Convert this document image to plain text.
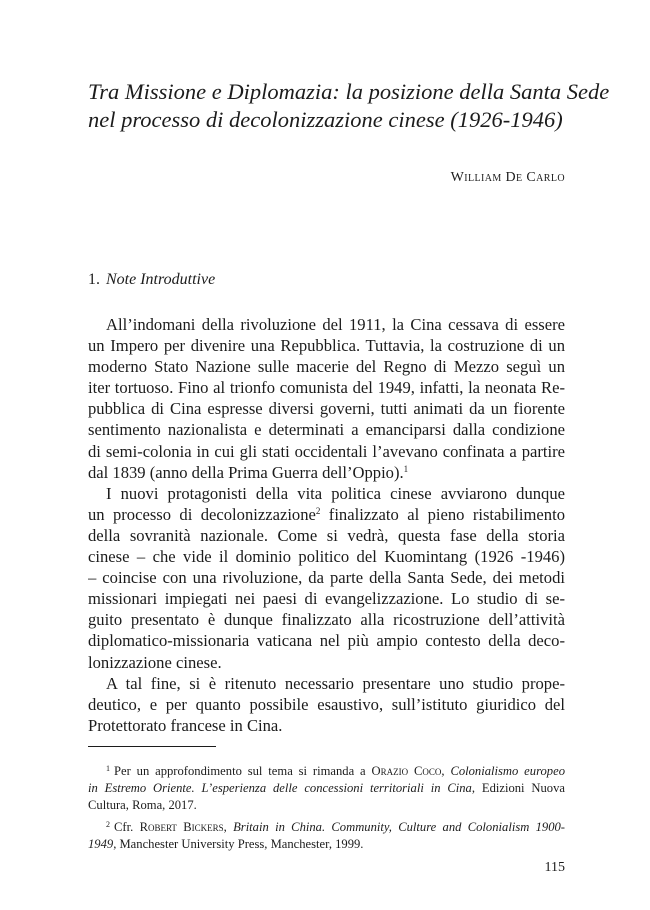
Tra Missione e Diplomazia: la posizione della Santa Sede
nel processo di decolonizzazione cinese (1926-1946)
William De Carlo
1. Note Introduttive
All’indomani della rivoluzione del 1911, la Cina cessava di essere
un Impero per divenire una Repubblica. Tuttavia, la costruzione di un
moderno Stato Nazione sulle macerie del Regno di Mezzo seguì un
iter tortuoso. Fino al trionfo comunista del 1949, infatti, la neonata Re-
pubblica di Cina espresse diversi governi, tutti animati da un fiorente
sentimento nazionalista e determinati a emanciparsi dalla condizione
di semi-colonia in cui gli stati occidentali l’avevano confinata a partire
dal 1839 (anno della Prima Guerra dell’Oppio).$^1$
I nuovi protagonisti della vita politica cinese avviarono dunque
un processo di decolonizzazione$^2$ finalizzato al pieno ristabilimento
della sovranità nazionale. Come si vedrà, questa fase della storia
cinese – che vide il dominio politico del Kuomintang (1926 -1946)
– coincise con una rivoluzione, da parte della Santa Sede, dei metodi
missionari impiegati nei paesi di evangelizzazione. Lo studio di se-
guito presentato è dunque finalizzato alla ricostruzione dell’attività
diplomatico-missionaria vaticana nel più ampio contesto della deco-
lonizzazione cinese.
A tal fine, si è ritenuto necessario presentare uno studio prope-
deutico, e per quanto possibile esaustivo, sull’istituto giuridico del
Protettorato francese in Cina.
$^1$ Per un approfondimento sul tema si rimanda a Orazio Coco, Colonialismo europeo
in Estremo Oriente. L’esperienza delle concessioni territoriali in Cina, Edizioni Nuova
Cultura, Roma, 2017.
$^2$ Cfr. Robert Bickers, Britain in China. Community, Culture and Colonialism 1900-
1949, Manchester University Press, Manchester, 1999.
115
